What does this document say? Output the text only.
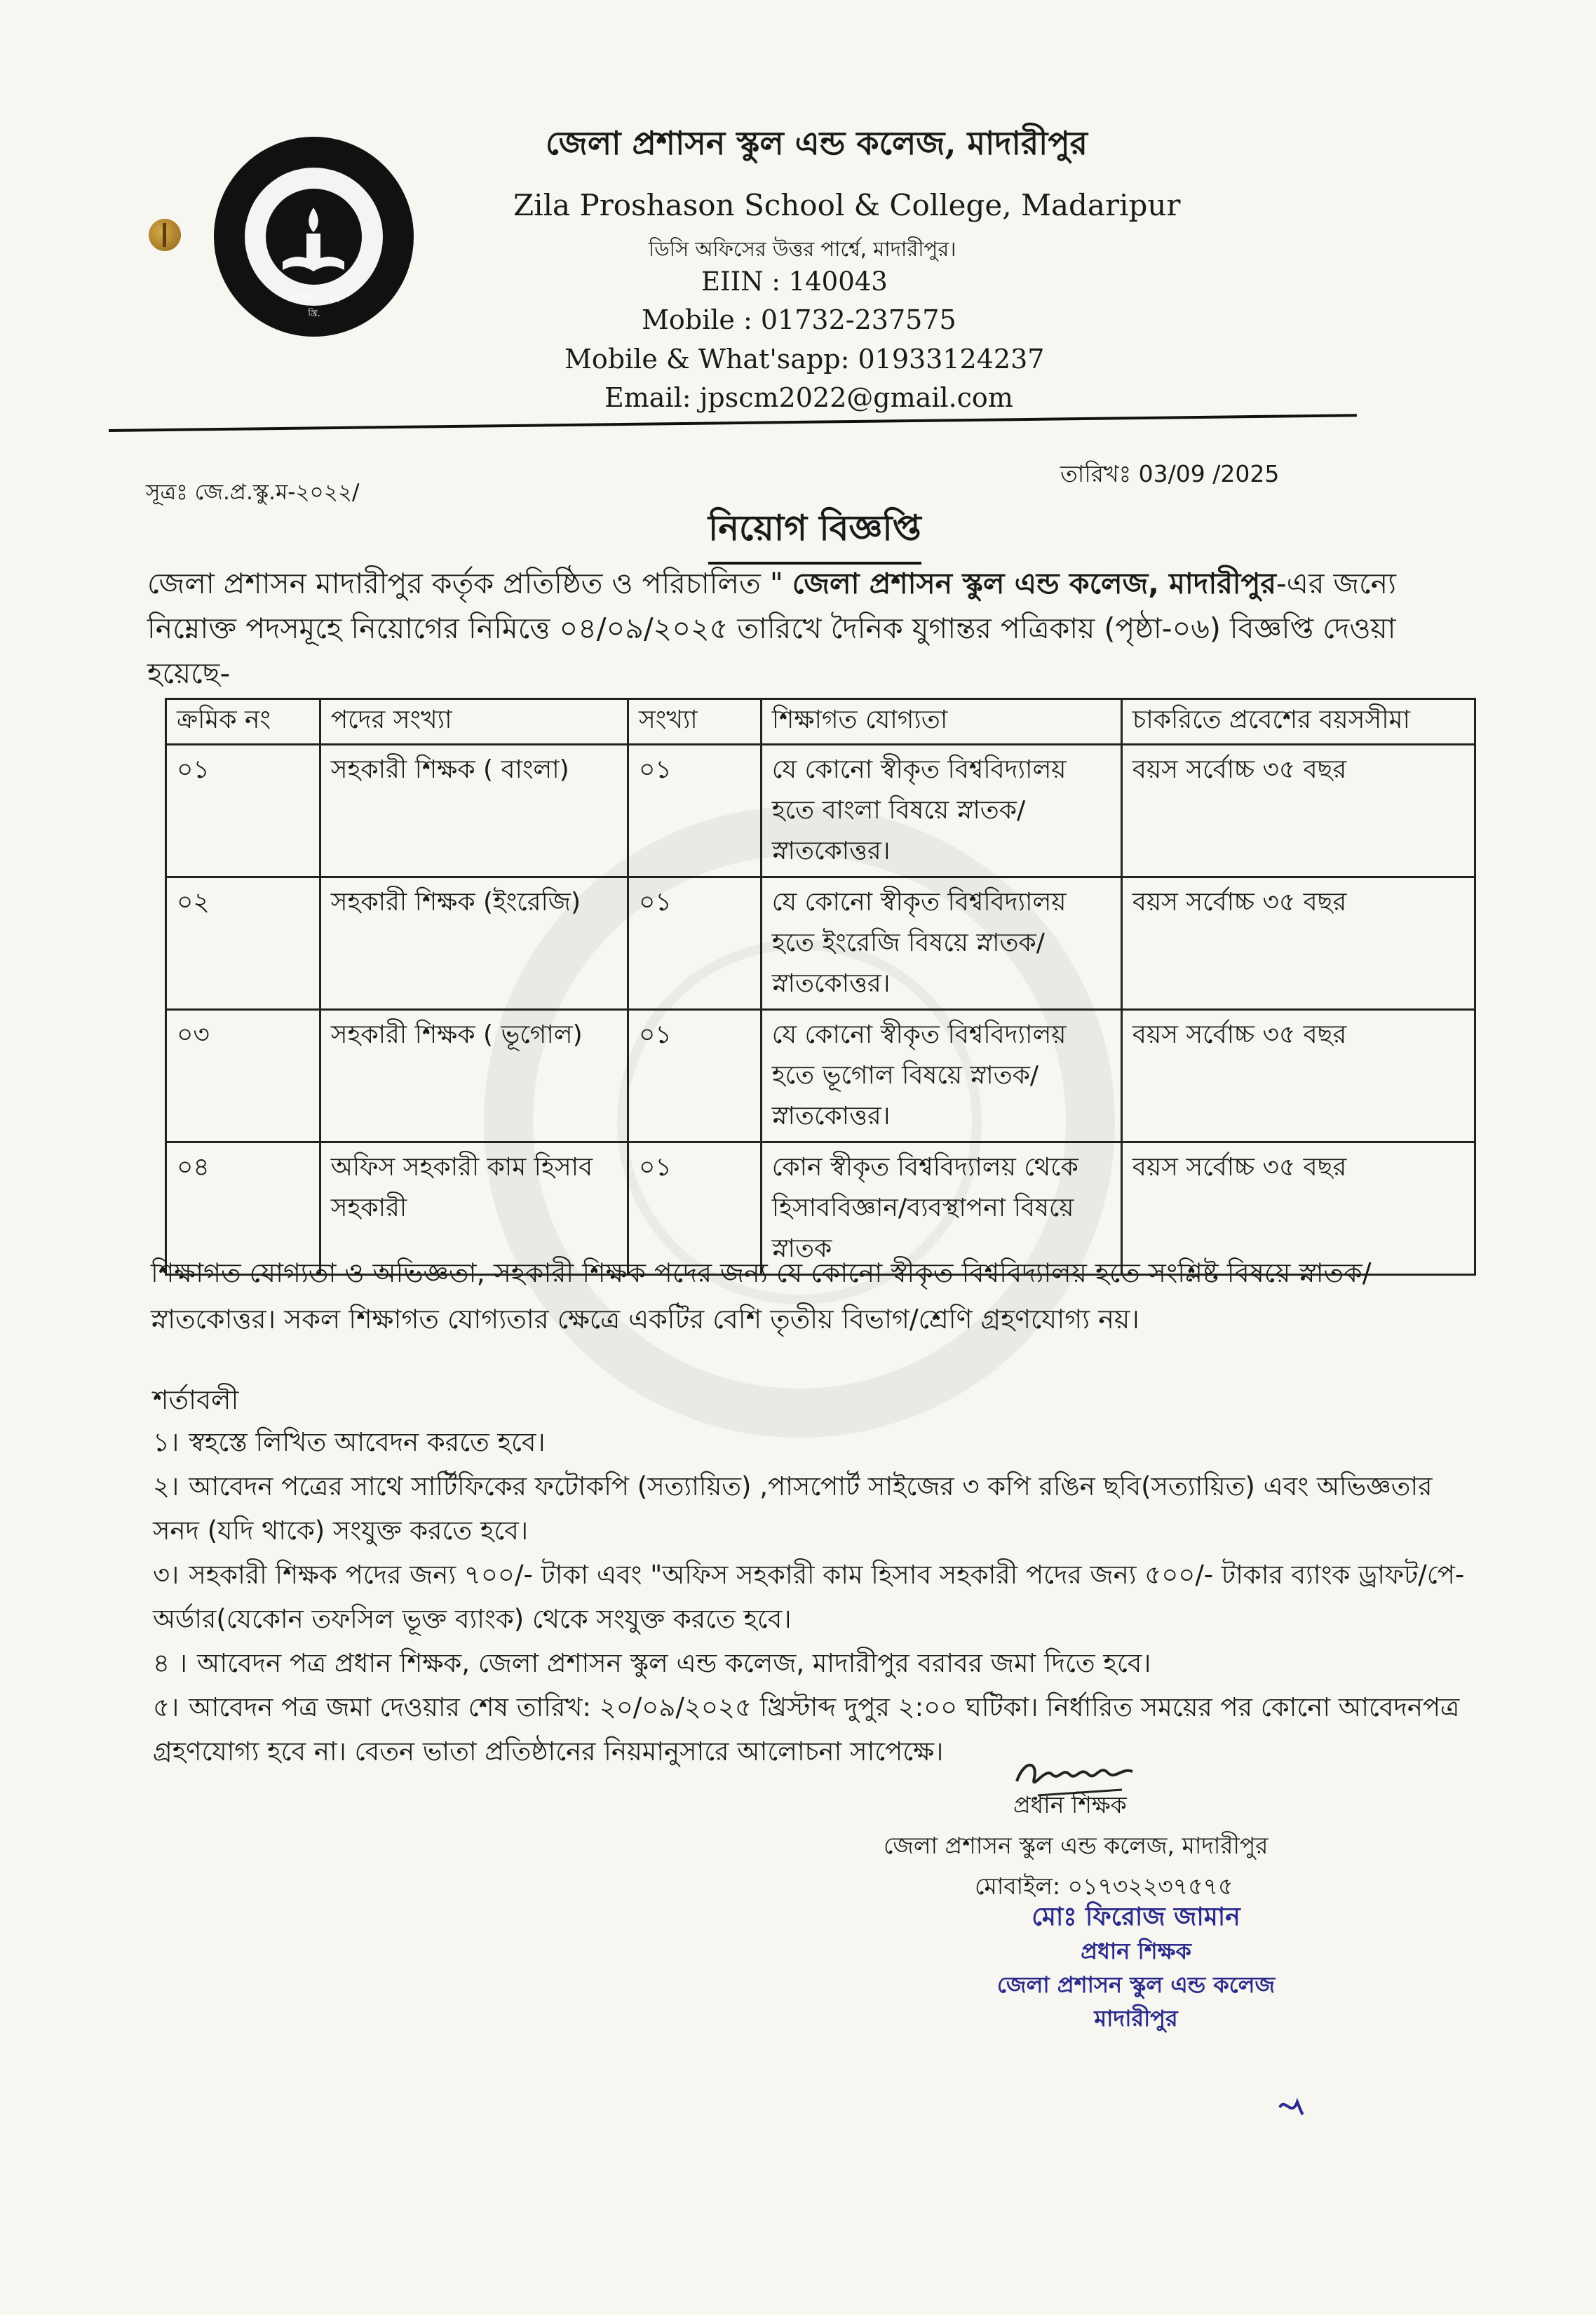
স্থাপিত ২০২২ খ্রি.
জেলা প্রশাসন স্কুল এন্ড কলেজ, মাদারীপুর
Zila Proshason School & College, Madaripur
ডিসি অফিসের উত্তর পার্শ্বে, মাদারীপুর।
EIIN : 140043
Mobile : 01732-237575
Mobile & What'sapp: 01933124237
Email: jpscm2022@gmail.com
সূত্রঃ জে.প্র.স্কু.ম-২০২২/
তারিখঃ 03/09 /2025
নিয়োগ বিজ্ঞপ্তি
জেলা প্রশাসন মাদারীপুর কর্তৃক প্রতিষ্ঠিত ও পরিচালিত " জেলা প্রশাসন স্কুল এন্ড কলেজ, মাদারীপুর-এর জন্যে নিম্নোক্ত পদসমূহে নিয়োগের নিমিত্তে ০৪/০৯/২০২৫ তারিখে দৈনিক যুগান্তর পত্রিকায় (পৃষ্ঠা-০৬) বিজ্ঞপ্তি দেওয়া হয়েছে-
ক্রমিক নং	পদের সংখ্যা	সংখ্যা	শিক্ষাগত যোগ্যতা	চাকরিতে প্রবেশের বয়সসীমা
০১	সহকারী শিক্ষক ( বাংলা)	০১	যে কোনো স্বীকৃত বিশ্ববিদ্যালয় হতে বাংলা বিষয়ে স্নাতক/ স্নাতকোত্তর।	বয়স সর্বোচ্চ ৩৫ বছর
০২	সহকারী শিক্ষক (ইংরেজি)	০১	যে কোনো স্বীকৃত বিশ্ববিদ্যালয় হতে ইংরেজি বিষয়ে স্নাতক/ স্নাতকোত্তর।	বয়স সর্বোচ্চ ৩৫ বছর
০৩	সহকারী শিক্ষক ( ভূগোল)	০১	যে কোনো স্বীকৃত বিশ্ববিদ্যালয় হতে ভূগোল বিষয়ে স্নাতক/ স্নাতকোত্তর।	বয়স সর্বোচ্চ ৩৫ বছর
০৪	অফিস সহকারী কাম হিসাব সহকারী	০১	কোন স্বীকৃত বিশ্ববিদ্যালয় থেকে হিসাববিজ্ঞান/ব্যবস্থাপনা বিষয়ে স্নাতক	বয়স সর্বোচ্চ ৩৫ বছর
শিক্ষাগত যোগ্যতা ও অভিজ্ঞতা, সহকারী শিক্ষক পদের জন্য যে কোনো স্বীকৃত বিশ্ববিদ্যালয় হতে সংশ্লিষ্ট বিষয়ে স্নাতক/ স্নাতকোত্তর। সকল শিক্ষাগত যোগ্যতার ক্ষেত্রে একটির বেশি তৃতীয় বিভাগ/শ্রেণি গ্রহণযোগ্য নয়।
শর্তাবলী
১। স্বহস্তে লিখিত আবেদন করতে হবে।
২। আবেদন পত্রের সাথে সার্টিফিকের ফটোকপি (সত্যায়িত) ,পাসপোর্ট সাইজের ৩ কপি রঙিন ছবি(সত্যায়িত) এবং অভিজ্ঞতার সনদ (যদি থাকে) সংযুক্ত করতে হবে।
৩। সহকারী শিক্ষক পদের জন্য ৭০০/- টাকা এবং "অফিস সহকারী কাম হিসাব সহকারী পদের জন্য ৫০০/- টাকার ব্যাংক ড্রাফট/পে-অর্ডার(যেকোন তফসিল ভূক্ত ব্যাংক) থেকে সংযুক্ত করতে হবে।
৪ । আবেদন পত্র প্রধান শিক্ষক, জেলা প্রশাসন স্কুল এন্ড কলেজ, মাদারীপুর বরাবর জমা দিতে হবে।
৫। আবেদন পত্র জমা দেওয়ার শেষ তারিখ: ২০/০৯/২০২৫ খ্রিস্টাব্দ দুপুর ২:০০ ঘটিকা। নির্ধারিত সময়ের পর কোনো আবেদনপত্র গ্রহণযোগ্য হবে না। বেতন ভাতা প্রতিষ্ঠানের নিয়মানুসারে আলোচনা সাপেক্ষে।
প্রধান শিক্ষক
জেলা প্রশাসন স্কুল এন্ড কলেজ, মাদারীপুর
মোবাইল: ০১৭৩২২৩৭৫৭৫
মোঃ ফিরোজ জামান
প্রধান শিক্ষক
জেলা প্রশাসন স্কুল এন্ড কলেজ
মাদারীপুর
